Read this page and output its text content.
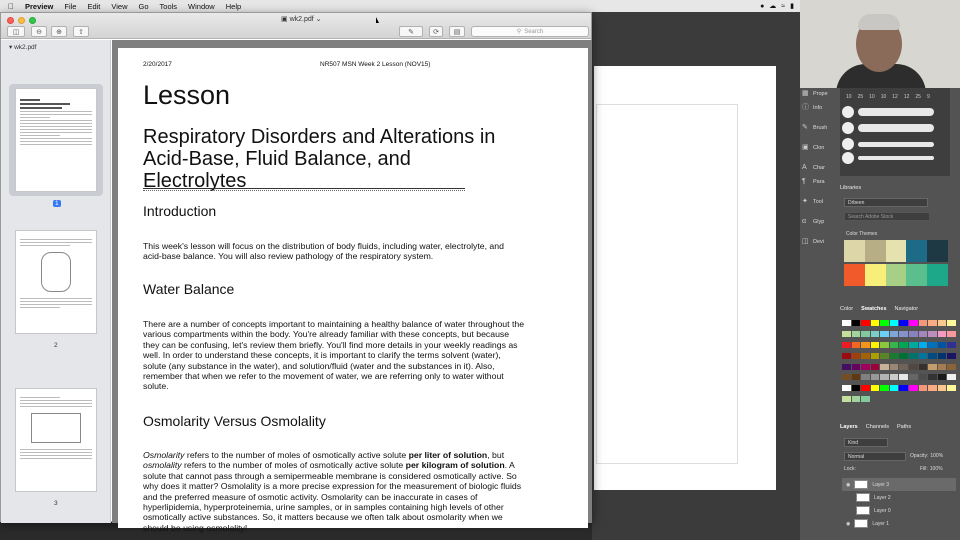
Preview File Edit View Go Tools Window Help	● ☁ ≈ ▮
10 25 10 10 12 12 25 9
▦ Prope
ⓘ Info
✎ Brush
▣ Clon
A	Char
¶	Para
✦ Tool
α	Glyp
◫ Devi
Libraries
Drbeen
Search Adobe Stock
Color Themes
Color Swatches Navigator
Layers Channels Paths
Kind
Normal	Opacity: 100%
Lock:	Fill: 100%
◉	Layer 3
Layer 2
Layer 0
◉	Layer 1
▣ wk2.pdf ⌄
◫ ⊖ ⊕ ⇧	✎	⟳ ▤	⚲ Search
▾ wk2.pdf
1
2
3
2/20/2017	NR507 MSN Week 2 Lesson (NOV15)
Lesson
Respiratory Disorders and Alterations in Acid-Base, Fluid Balance, and Electrolytes
Introduction

This week's lesson will focus on the distribution of body fluids, including water, electrolyte, and acid-base balance. You will also review pathology of the respiratory system.

Water Balance

There are a number of concepts important to maintaining a healthy balance of water throughout the various compartments within the body. You're already familiar with these concepts, but because they can be confusing, let's review them briefly. You'll find more details in your weekly readings as well. In order to understand these concepts, it is important to clarify the terms solvent (water), solute (any substance in the water), and solution/fluid (water and the substances in it). Also, remember that when we refer to the movement of water, we are referring only to water without solute.

Osmolarity Versus Osmolality

Osmolarity refers to the number of moles of osmotically active solute per liter of solution, but osmolality refers to the number of moles of osmotically active solute per kilogram of solution. A solute that cannot pass through a semipermeable membrane is considered osmotically active. So why does it matter? Osmolality is a more precise expression for the measurement of biologic fluids and the preferred measure of osmotic activity. Osmolarity can be inaccurate in cases of hyperlipidemia, hyperproteinemia, urine samples, or in samples containing high levels of other osmotically active substances. So, it matters because we often talk about osmolarity when we should be using osmolality!
